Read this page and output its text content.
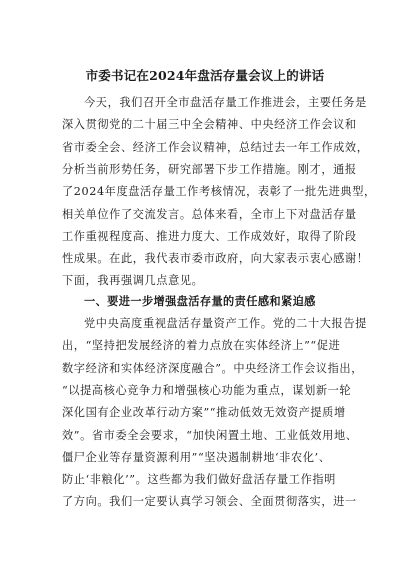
市委书记在2024年盘活存量会议上的讲话
今天，我们召开全市盘活存量工作推进会，主要任务是
深入贯彻党的二十届三中全会精神、中央经济工作会议和
省市委全会、经济工作会议精神，总结过去一年工作成效，
分析当前形势任务，研究部署下步工作措施。刚才，通报
了2024年度盘活存量工作考核情况，表彰了一批先进典型，
相关单位作了交流发言。总体来看，全市上下对盘活存量
工作重视程度高、推进力度大、工作成效好，取得了阶段
性成果。在此，我代表市委市政府，向大家表示衷心感谢！
下面，我再强调几点意见。
一、要进一步增强盘活存量的责任感和紧迫感
党中央高度重视盘活存量资产工作。党的二十大报告提
出，“坚持把发展经济的着力点放在实体经济上”“促进
数字经济和实体经济深度融合”。中央经济工作会议指出，
“以提高核心竞争力和增强核心功能为重点，谋划新一轮
深化国有企业改革行动方案”“推动低效无效资产提质增
效”。省市委全会要求，“加快闲置土地、工业低效用地、
僵尸企业等存量资源利用”“坚决遏制耕地‘非农化’、
防止‘非粮化’”。这些都为我们做好盘活存量工作指明
了方向。我们一定要认真学习领会、全面贯彻落实，进一
